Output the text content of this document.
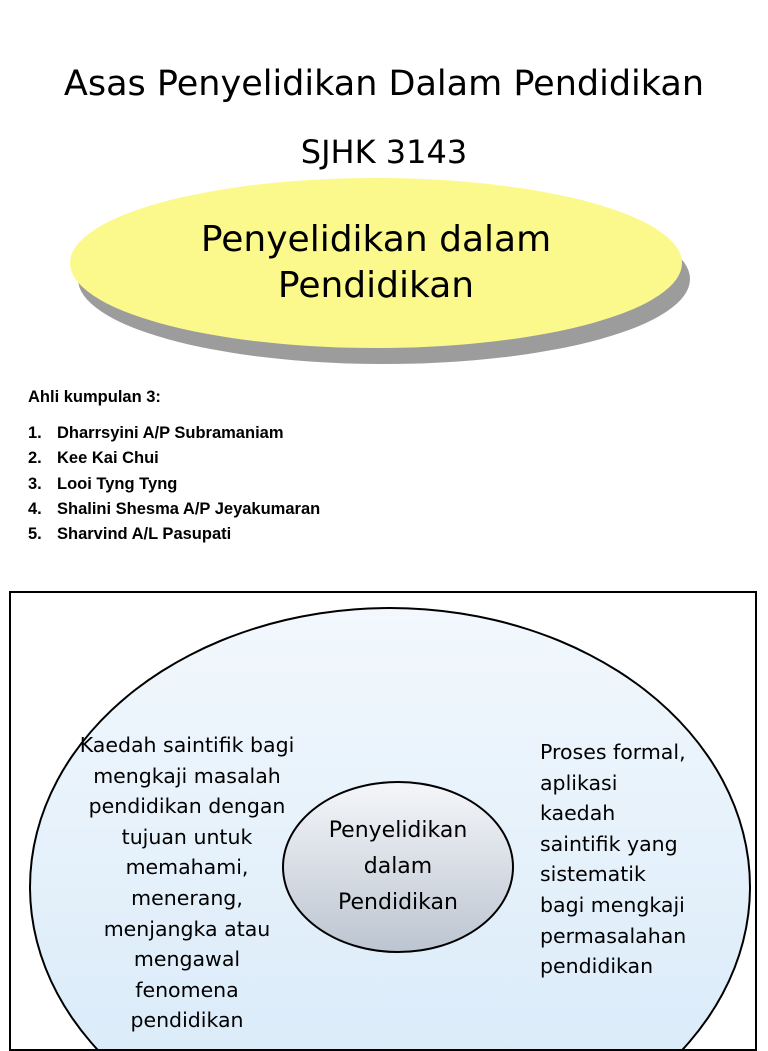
Asas Penyelidikan Dalam Pendidikan
SJHK 3143
Penyelidikan dalam
Pendidikan
Ahli kumpulan 3:
1. Dharrsyini A/P Subramaniam
2. Kee Kai Chui
3. Looi Tyng Tyng
4. Shalini Shesma A/P Jeyakumaran
5. Sharvind A/L Pasupati
Kaedah saintifik bagi
mengkaji masalah
pendidikan dengan
tujuan untuk
memahami,
menerang,
menjangka atau
mengawal
fenomena
pendidikan
Penyelidikan
dalam
Pendidikan
Proses formal,
aplikasi
kaedah
saintifik yang
sistematik
bagi mengkaji
permasalahan
pendidikan
